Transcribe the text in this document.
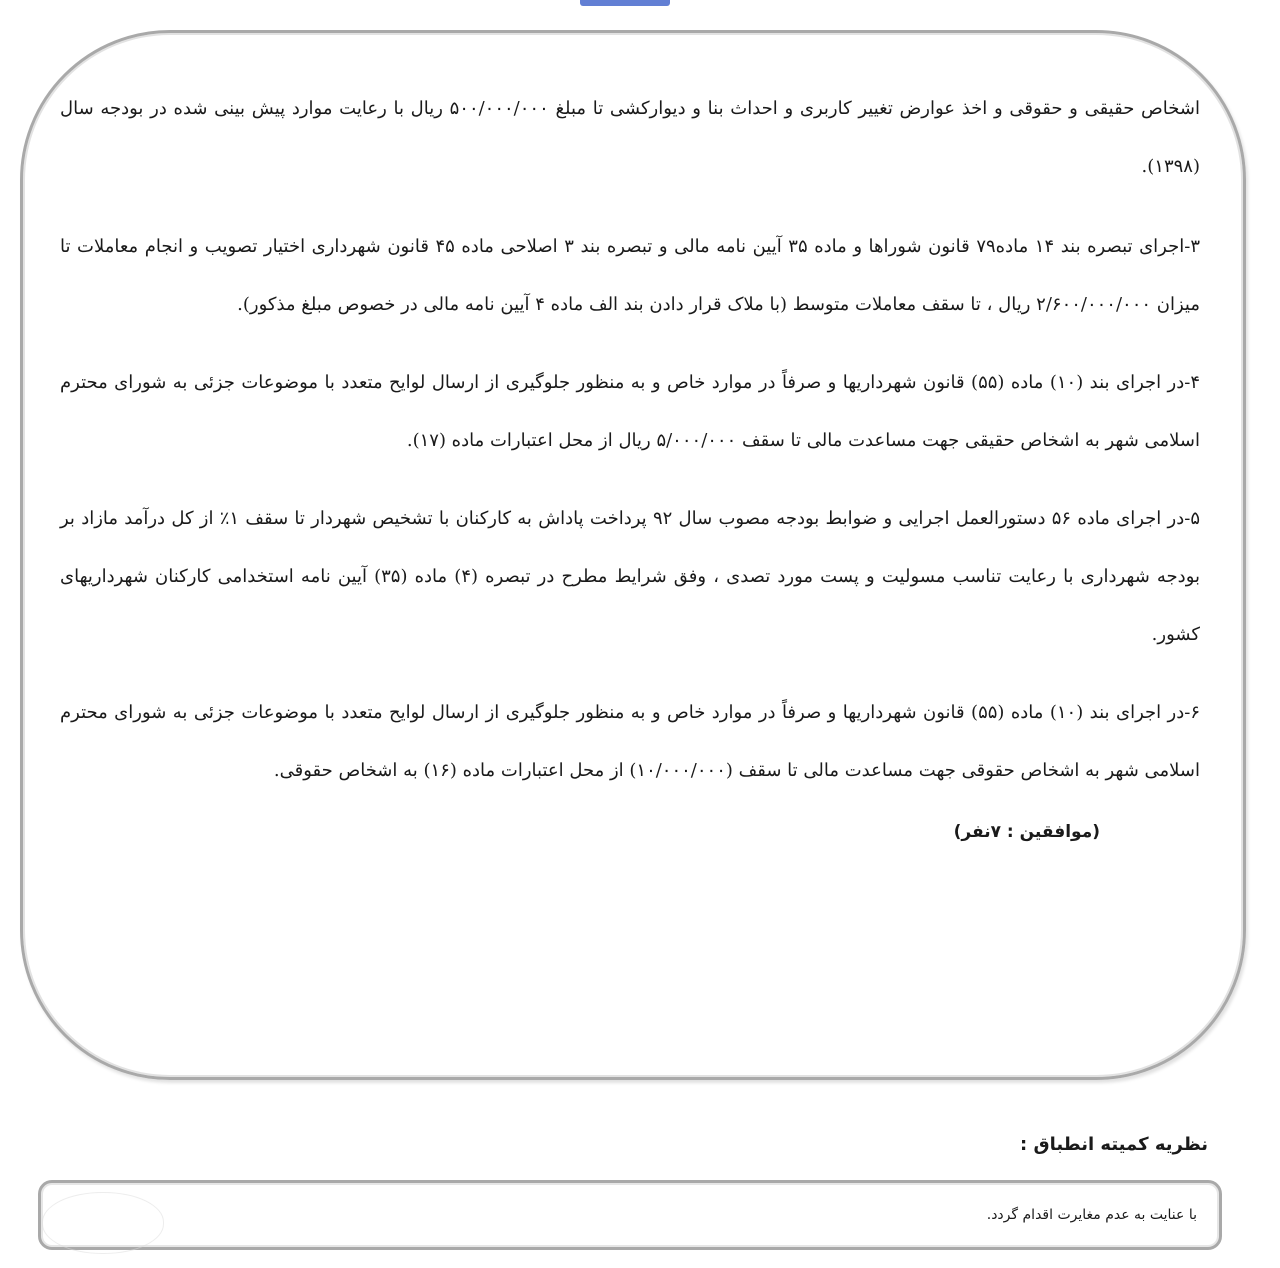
اشخاص حقیقی و حقوقی و اخذ عوارض تغییر کاربری و احداث بنا و دیوارکشی تا مبلغ ۵۰۰/۰۰۰/۰۰۰ ریال با رعایت موارد پیش بینی شده در بودجه سال (۱۳۹۸).

۳-اجرای تبصره بند ۱۴ ماده۷۹ قانون شوراها و ماده ۳۵ آیین نامه مالی و تبصره بند ۳ اصلاحی ماده ۴۵ قانون شهرداری اختیار تصویب و انجام معاملات تا میزان ۲/۶۰۰/۰۰۰/۰۰۰ ریال ، تا سقف معاملات متوسط (با ملاک قرار دادن بند الف ماده ۴ آیین نامه مالی در خصوص مبلغ مذکور).

۴-در اجرای بند (۱۰) ماده (۵۵) قانون شهرداریها و صرفاً در موارد خاص و به منظور جلوگیری از ارسال لوایح متعدد با موضوعات جزئی به شورای محترم اسلامی شهر به اشخاص حقیقی جهت مساعدت مالی تا سقف ۵/۰۰۰/۰۰۰ ریال از محل اعتبارات ماده (۱۷).

۵-در اجرای ماده ۵۶ دستورالعمل اجرایی و ضوابط بودجه مصوب سال ۹۲ پرداخت پاداش به کارکنان با تشخیص شهردار تا سقف ۱٪ از کل درآمد مازاد بر بودجه شهرداری با رعایت تناسب مسولیت و پست مورد تصدی ، وفق شرایط مطرح در تبصره (۴) ماده (۳۵) آیین نامه استخدامی کارکنان شهرداریهای کشور.

۶-در اجرای بند (۱۰) ماده (۵۵) قانون شهرداریها و صرفاً در موارد خاص و به منظور جلوگیری از ارسال لوایح متعدد با موضوعات جزئی به شورای محترم اسلامی شهر به اشخاص حقوقی جهت مساعدت مالی تا سقف (۱۰/۰۰۰/۰۰۰) از محل اعتبارات ماده (۱۶) به اشخاص حقوقی.

(موافقین : ۷نفر)
نظریه کمیته انطباق :
با عنایت به عدم مغایرت اقدام گردد.
